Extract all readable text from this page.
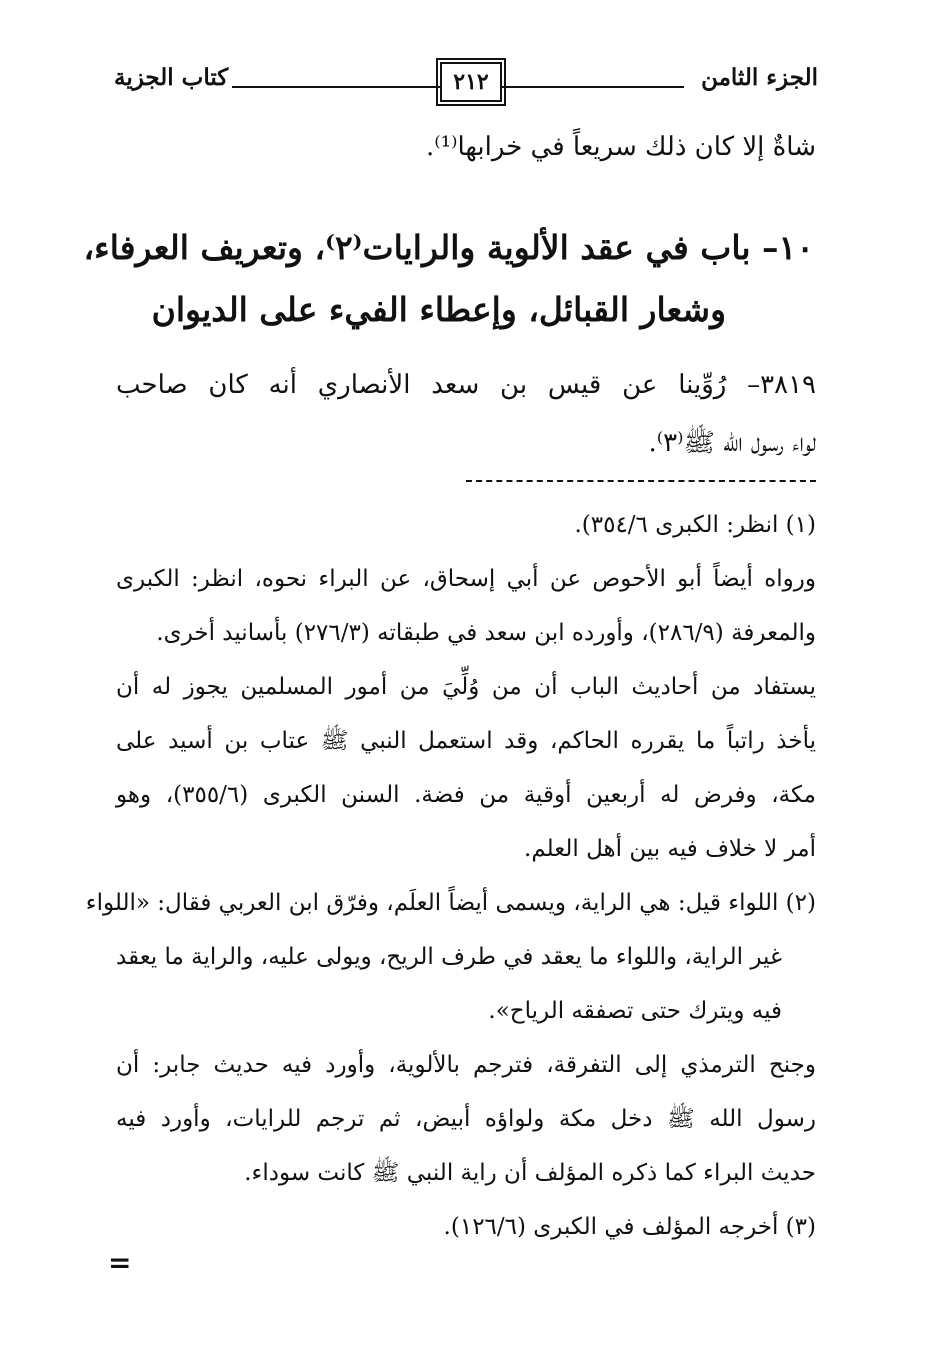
الجزء الثامن
٢١٢
كتاب الجزية
شاةٌ إلا كان ذلك سريعاً في خرابها⁽¹⁾.
١٠– باب في عقد الألوية والرايات⁽٢⁾، وتعريف العرفاء،
وشعار القبائل، وإعطاء الفيء على الديوان
٣٨١٩– رُوِّينا عن قيس بن سعد الأنصاري أنه كان صاحب
لواء رسول الله ﷺ⁽٣⁾.
(١) انظر: الكبرى ٣٥٤/٦).
ورواه أيضاً أبو الأحوص عن أبي إسحاق، عن البراء نحوه، انظر: الكبرى
والمعرفة (٢٨٦/٩)، وأورده ابن سعد في طبقاته (٢٧٦/٣) بأسانيد أخرى.
يستفاد من أحاديث الباب أن من وُلِّيَ من أمور المسلمين يجوز له أن
يأخذ راتباً ما يقرره الحاكم، وقد استعمل النبي ﷺ عتاب بن أسيد على
مكة، وفرض له أربعين أوقية من فضة. السنن الكبرى (٣٥٥/٦)، وهو
أمر لا خلاف فيه بين أهل العلم.
(٢) اللواء قيل: هي الراية، ويسمى أيضاً العلَم، وفرّق ابن العربي فقال: «اللواء
غير الراية، واللواء ما يعقد في طرف الريح، ويولى عليه، والراية ما يعقد
فيه ويترك حتى تصفقه الرياح».
وجنح الترمذي إلى التفرقة، فترجم بالألوية، وأورد فيه حديث جابر: أن
رسول الله ﷺ دخل مكة ولواؤه أبيض، ثم ترجم للرايات، وأورد فيه
حديث البراء كما ذكره المؤلف أن راية النبي ﷺ كانت سوداء.
(٣) أخرجه المؤلف في الكبرى (١٢٦/٦).
=
